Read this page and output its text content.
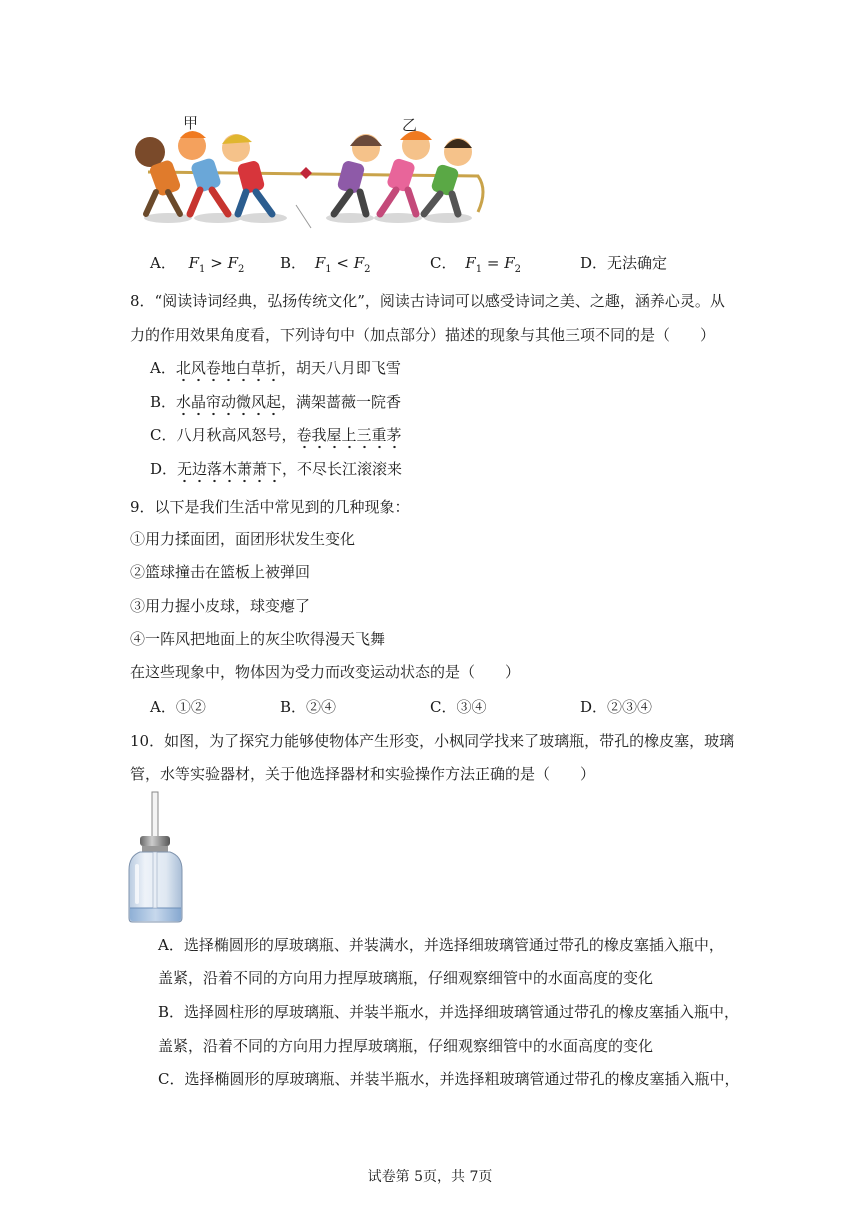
甲	乙
A． $F_1 > F_2$ B． $F_1 < F_2$	C． $F_1 = F_2$	D．无法确定
8．“阅读诗词经典，弘扬传统文化”，阅读古诗词可以感受诗词之美、之趣，涵养心灵。从
力的作用效果角度看，下列诗句中（加点部分）描述的现象与其他三项不同的是（　　）
A．北风卷地白草折，胡天八月即飞雪
B．水晶帘动微风起，满架蔷薇一院香
C．八月秋高风怒号，卷我屋上三重茅
D．无边落木萧萧下，不尽长江滚滚来
9．以下是我们生活中常见到的几种现象：
①用力揉面团，面团形状发生变化
②篮球撞击在篮板上被弹回
③用力握小皮球，球变瘪了
④一阵风把地面上的灰尘吹得漫天飞舞
在这些现象中，物体因为受力而改变运动状态的是（　　）
A．①②	B．②④	C．③④	D．②③④
10．如图，为了探究力能够使物体产生形变，小枫同学找来了玻璃瓶，带孔的橡皮塞，玻璃
管，水等实验器材，关于他选择器材和实验操作方法正确的是（　　）
A．选择椭圆形的厚玻璃瓶、并装满水，并选择细玻璃管通过带孔的橡皮塞插入瓶中，
盖紧，沿着不同的方向用力捏厚玻璃瓶，仔细观察细管中的水面高度的变化
B．选择圆柱形的厚玻璃瓶、并装半瓶水，并选择细玻璃管通过带孔的橡皮塞插入瓶中，
盖紧，沿着不同的方向用力捏厚玻璃瓶，仔细观察细管中的水面高度的变化
C．选择椭圆形的厚玻璃瓶、并装半瓶水，并选择粗玻璃管通过带孔的橡皮塞插入瓶中，
试卷第 5页，共 7页
